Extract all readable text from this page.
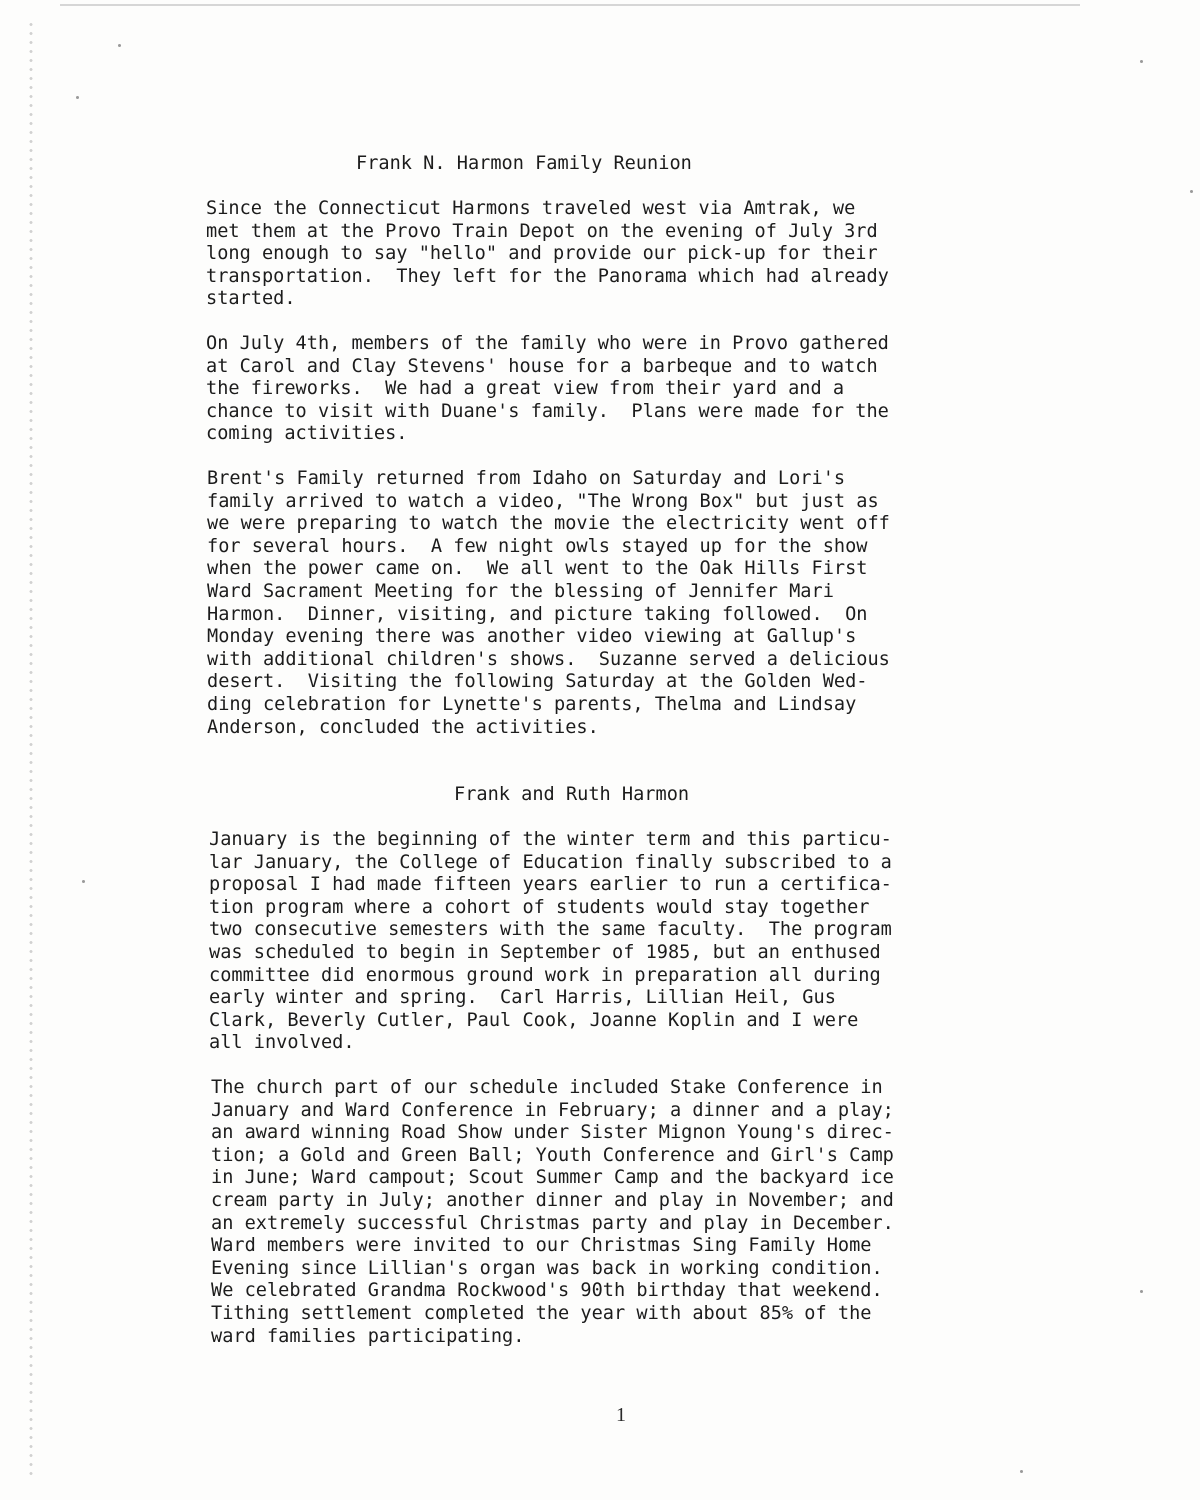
Frank N. Harmon Family Reunion
Since the Connecticut Harmons traveled west via Amtrak, we
met them at the Provo Train Depot on the evening of July 3rd
long enough to say "hello" and provide our pick-up for their
transportation.  They left for the Panorama which had already
started.
On July 4th, members of the family who were in Provo gathered
at Carol and Clay Stevens' house for a barbeque and to watch
the fireworks.  We had a great view from their yard and a
chance to visit with Duane's family.  Plans were made for the
coming activities.
Brent's Family returned from Idaho on Saturday and Lori's
family arrived to watch a video, "The Wrong Box" but just as
we were preparing to watch the movie the electricity went off
for several hours.  A few night owls stayed up for the show
when the power came on.  We all went to the Oak Hills First
Ward Sacrament Meeting for the blessing of Jennifer Mari
Harmon.  Dinner, visiting, and picture taking followed.  On
Monday evening there was another video viewing at Gallup's
with additional children's shows.  Suzanne served a delicious
desert.  Visiting the following Saturday at the Golden Wed-
ding celebration for Lynette's parents, Thelma and Lindsay
Anderson, concluded the activities.
Frank and Ruth Harmon
January is the beginning of the winter term and this particu-
lar January, the College of Education finally subscribed to a
proposal I had made fifteen years earlier to run a certifica-
tion program where a cohort of students would stay together
two consecutive semesters with the same faculty.  The program
was scheduled to begin in September of 1985, but an enthused
committee did enormous ground work in preparation all during
early winter and spring.  Carl Harris, Lillian Heil, Gus
Clark, Beverly Cutler, Paul Cook, Joanne Koplin and I were
all involved.
The church part of our schedule included Stake Conference in
January and Ward Conference in February; a dinner and a play;
an award winning Road Show under Sister Mignon Young's direc-
tion; a Gold and Green Ball; Youth Conference and Girl's Camp
in June; Ward campout; Scout Summer Camp and the backyard ice
cream party in July; another dinner and play in November; and
an extremely successful Christmas party and play in December.
Ward members were invited to our Christmas Sing Family Home
Evening since Lillian's organ was back in working condition.
We celebrated Grandma Rockwood's 90th birthday that weekend.
Tithing settlement completed the year with about 85% of the
ward families participating.
1
